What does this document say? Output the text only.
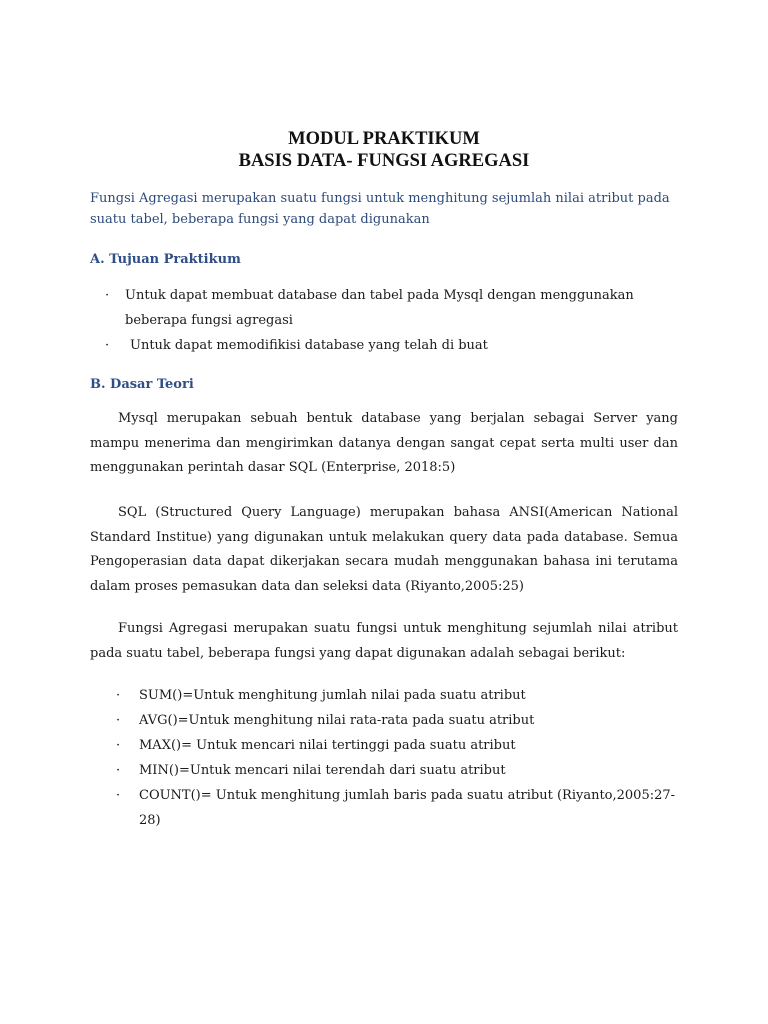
MODUL PRAKTIKUM
BASIS DATA- FUNGSI AGREGASI

Fungsi Agregasi merupakan suatu fungsi untuk menghitung sejumlah nilai atribut pada suatu tabel, beberapa fungsi yang dapat digunakan

A. Tujuan Praktikum
· Untuk dapat membuat database dan tabel pada Mysql dengan menggunakan
beberapa fungsi agregasi
· Untuk dapat memodifikisi database yang telah di buat
B. Dasar Teori

Mysql merupakan sebuah bentuk database yang berjalan sebagai Server yang mampu menerima dan mengirimkan datanya dengan sangat cepat serta multi user dan menggunakan perintah dasar SQL (Enterprise, 2018:5)

SQL (Structured Query Language) merupakan bahasa ANSI(American National Standard Institue) yang digunakan untuk melakukan query data pada database. Semua Pengoperasian data dapat dikerjakan secara mudah menggunakan bahasa ini terutama dalam proses pemasukan data dan seleksi data (Riyanto,2005:25)

Fungsi Agregasi merupakan suatu fungsi untuk menghitung sejumlah nilai atribut pada suatu tabel, beberapa fungsi yang dapat digunakan adalah sebagai berikut:

· SUM()=Untuk menghitung jumlah nilai pada suatu atribut
· AVG()=Untuk menghitung nilai rata-rata pada suatu atribut
· MAX()= Untuk mencari nilai tertinggi pada suatu atribut
· MIN()=Untuk mencari nilai terendah dari suatu atribut
· COUNT()= Untuk menghitung jumlah baris pada suatu atribut (Riyanto,2005:27-28)
